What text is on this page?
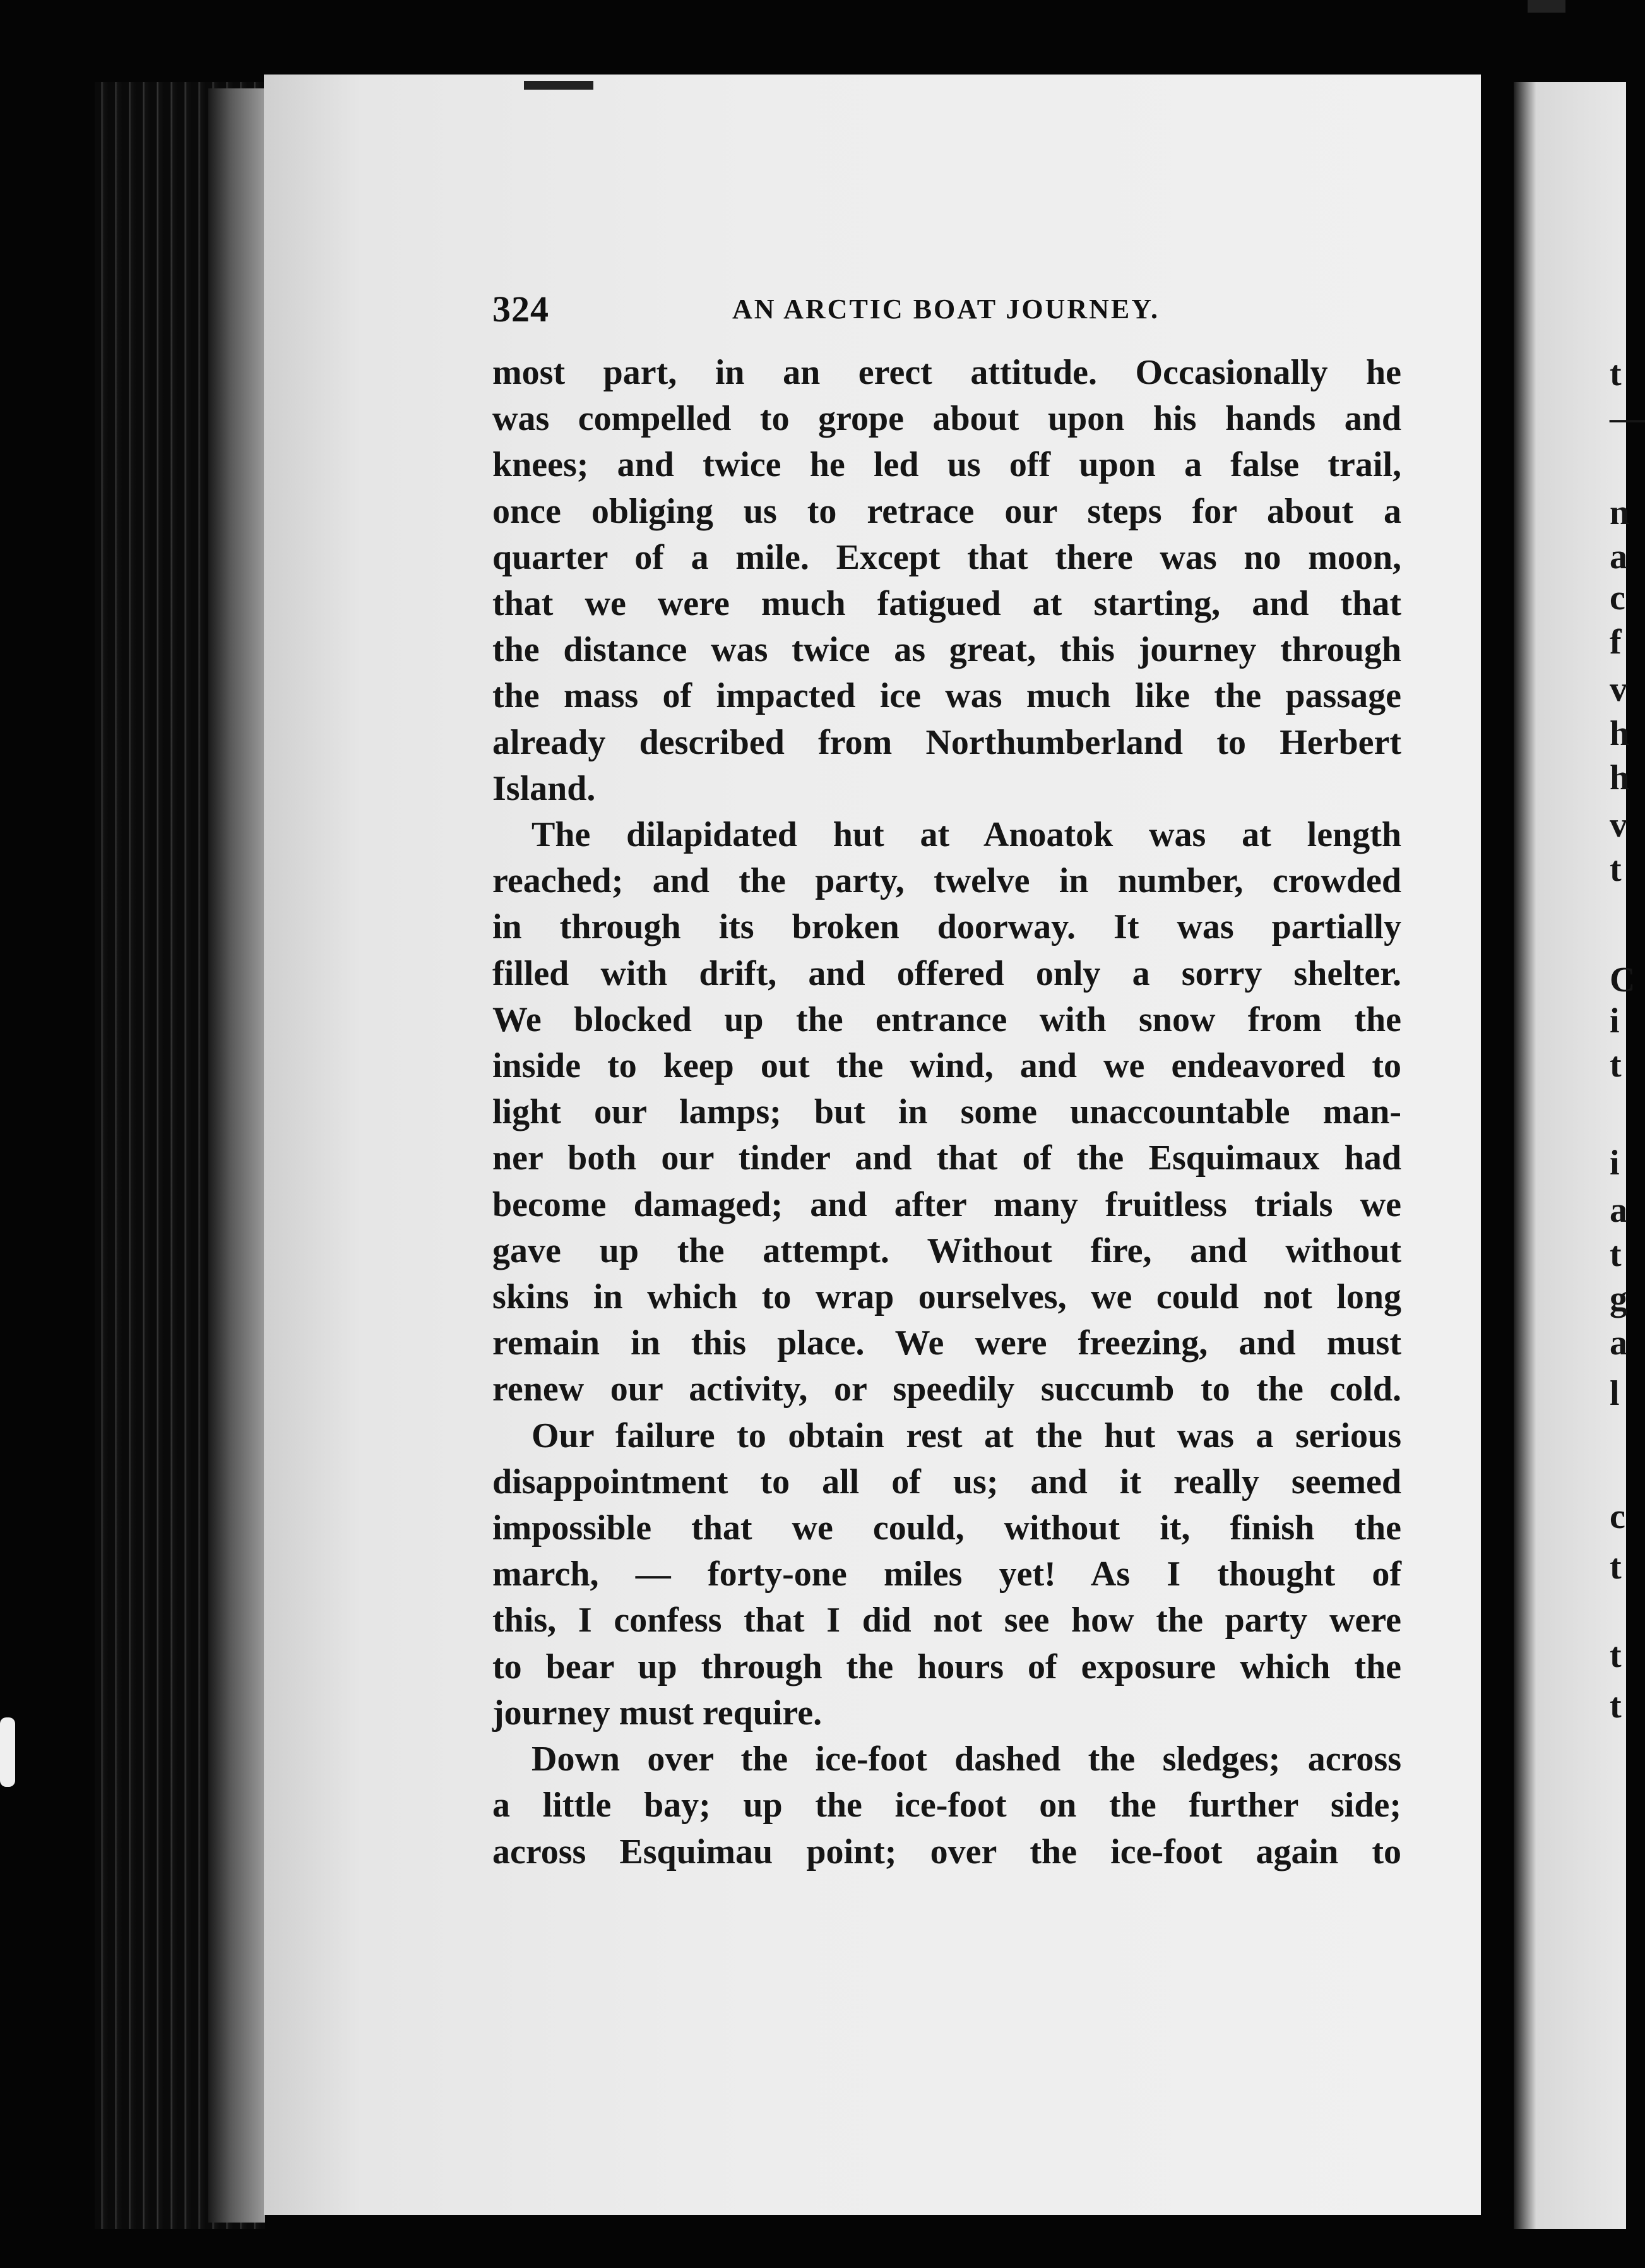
324	AN ARCTIC BOAT JOURNEY.
most part, in an erect attitude. Occasionally he
was compelled to grope about upon his hands and
knees; and twice he led us off upon a false trail,
once obliging us to retrace our steps for about a
quarter of a mile. Except that there was no moon,
that we were much fatigued at starting, and that
the distance was twice as great, this journey through
the mass of impacted ice was much like the passage
already described from Northumberland to Herbert
Island.
The dilapidated hut at Anoatok was at length
reached; and the party, twelve in number, crowded
in through its broken doorway. It was partially
filled with drift, and offered only a sorry shelter.
We blocked up the entrance with snow from the
inside to keep out the wind, and we endeavored to
light our lamps; but in some unaccountable man-
ner both our tinder and that of the Esquimaux had
become damaged; and after many fruitless trials we
gave up the attempt. Without fire, and without
skins in which to wrap ourselves, we could not long
remain in this place. We were freezing, and must
renew our activity, or speedily succumb to the cold.
Our failure to obtain rest at the hut was a serious
disappointment to all of us; and it really seemed
impossible that we could, without it, finish the
march, — forty-one miles yet! As I thought of
this, I confess that I did not see how the party were
to bear up through the hours of exposure which the
journey must require.
Down over the ice-foot dashed the sledges; across
a little bay; up the ice-foot on the further side;
across Esquimau point; over the ice-foot again to
t
—
n
a
c
f
v
h
h
v
t
C
i
t
i
a
t
g
a
l
c
t
t
t
